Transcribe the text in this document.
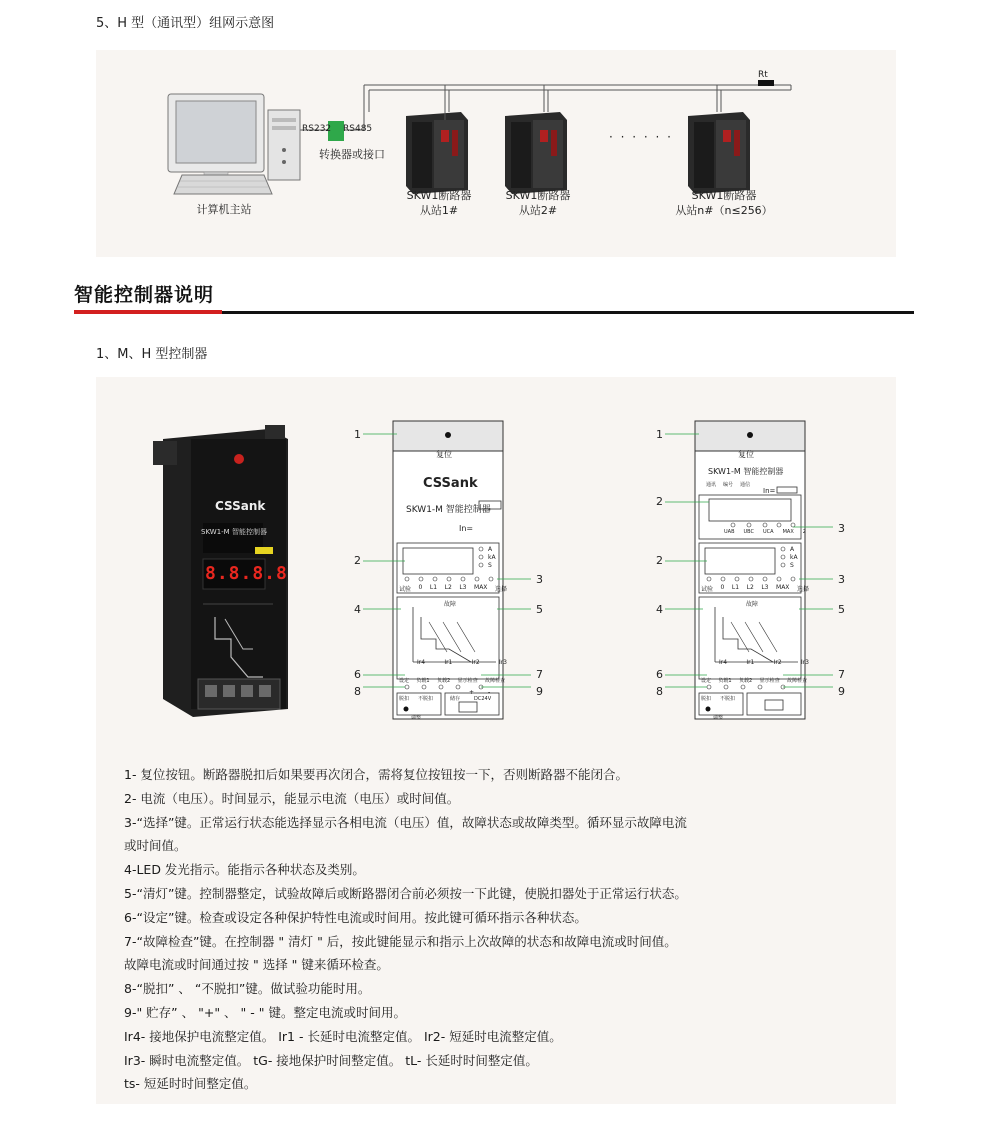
5、H 型（通讯型）组网示意图
Rt
RS232 RS485
转换器或接口
计算机主站
· · · · · ·
SKW1断路器
从站1#
SKW1断路器
从站2#
SKW1断路器
从站n#（n≤256）
智能控制器说明
1、M、H 型控制器
CSSank
SKW1-M 智能控制器
8.8.8.8
复位
CSSank
SKW1-M 智能控制器
In=
A
kA
S
试验 0 L1 L2 L3 MAX 选择
故障
Ir4	Ir1	Ir2	Ir3
设定 负载1 负载2 显示检查 故障检查
脱扣 不脱扣	储存
+ -
DC24V
调整
1
2
4
6
8
3
5
7
9
复位
SKW1-M 智能控制器
通讯 编号 通信
In=
UAB UBC UCA MAX 2
A
kA
S
试验 0 L1 L2 L3 MAX 选择
故障
Ir4	Ir1	Ir2	Ir3
设定 负载1 负载2 显示检查 故障检查
脱扣 不脱扣
调整
1
2
2
4
6
8
3
3
5
7
9

1- 复位按钮。断路器脱扣后如果要再次闭合，需将复位按钮按一下，否则断路器不能闭合。

2- 电流（电压）。时间显示，能显示电流（电压）或时间值。

3-“选择”键。正常运行状态能选择显示各相电流（电压）值，故障状态或故障类型。循环显示故障电流

或时间值。

4-LED 发光指示。能指示各种状态及类别。

5-“清灯”键。控制器整定，试验故障后或断路器闭合前必须按一下此键，使脱扣器处于正常运行状态。

6-“设定”键。检查或设定各种保护特性电流或时间用。按此键可循环指示各种状态。

7-“故障检查”键。在控制器 " 清灯 " 后，按此键能显示和指示上次故障的状态和故障电流或时间值。

故障电流或时间通过按 " 选择 " 键来循环检查。

8-“脱扣” 、 “不脱扣”键。做试验功能时用。

9-" 贮存” 、 "+" 、 " - " 键。整定电流或时间用。

Ir4- 接地保护电流整定值。 Ir1 - 长延时电流整定值。 Ir2- 短延时电流整定值。

Ir3- 瞬时电流整定值。 tG- 接地保护时间整定值。 tL- 长延时时间整定值。

ts- 短延时时间整定值。
